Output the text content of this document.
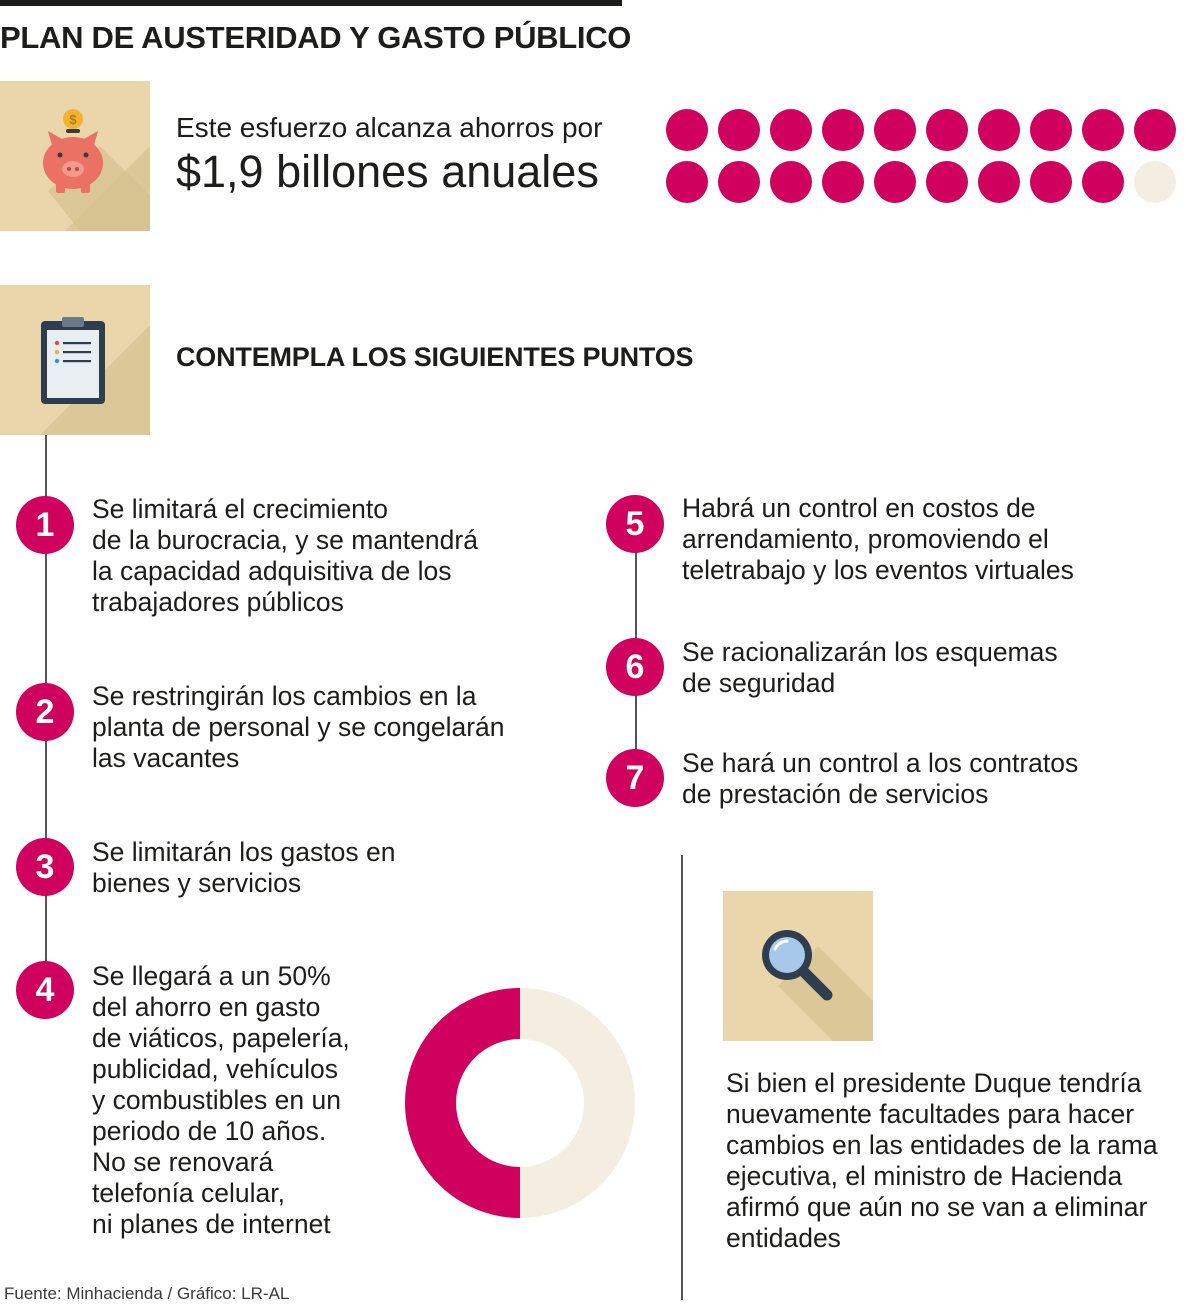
PLAN DE AUSTERIDAD Y GASTO PÚBLICO
$	Este esfuerzo alcanza ahorros por
$1,9 billones anuales
CONTEMPLA LOS SIGUIENTES PUNTOS
1	Se limitará el crecimiento
de la burocracia, y se mantendrá
la capacidad adquisitiva de los
trabajadores públicos
2	Se restringirán los cambios en la
planta de personal y se congelarán
las vacantes
3	Se limitarán los gastos en
bienes y servicios
4	Se llegará a un 50%
del ahorro en gasto
de viáticos, papelería,
publicidad, vehículos
y combustibles en un
periodo de 10 años.
No se renovará
telefonía celular,
ni planes de internet
5	Habrá un control en costos de
arrendamiento, promoviendo el
teletrabajo y los eventos virtuales
6	Se racionalizarán los esquemas
de seguridad
7	Se hará un control a los contratos
de prestación de servicios
Si bien el presidente Duque tendría
nuevamente facultades para hacer
cambios en las entidades de la rama
ejecutiva, el ministro de Hacienda
afirmó que aún no se van a eliminar
entidades
Fuente: Minhacienda / Gráfico: LR-AL
